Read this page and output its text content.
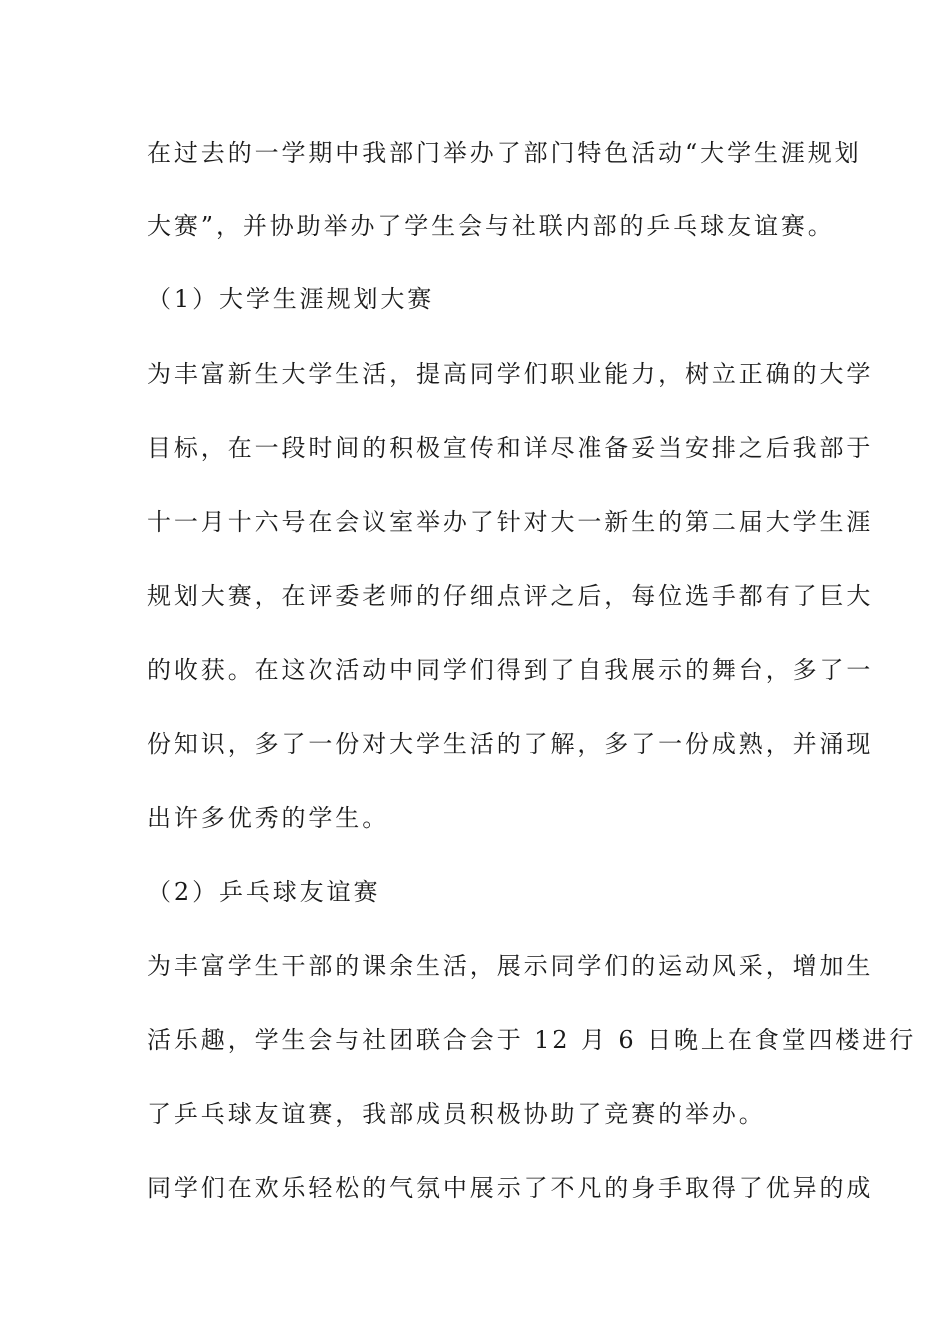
在过去的一学期中我部门举办了部门特色活动“大学生涯规划
大赛”，并协助举办了学生会与社联内部的乒乓球友谊赛。
（1）大学生涯规划大赛
为丰富新生大学生活，提高同学们职业能力，树立正确的大学
目标，在一段时间的积极宣传和详尽准备妥当安排之后我部于
十一月十六号在会议室举办了针对大一新生的第二届大学生涯
规划大赛，在评委老师的仔细点评之后，每位选手都有了巨大
的收获。在这次活动中同学们得到了自我展示的舞台，多了一
份知识，多了一份对大学生活的了解，多了一份成熟，并涌现
出许多优秀的学生。
（2）乒乓球友谊赛
为丰富学生干部的课余生活，展示同学们的运动风采，增加生
活乐趣，学生会与社团联合会于 12 月 6 日晚上在食堂四楼进行
了乒乓球友谊赛，我部成员积极协助了竞赛的举办。
同学们在欢乐轻松的气氛中展示了不凡的身手取得了优异的成
